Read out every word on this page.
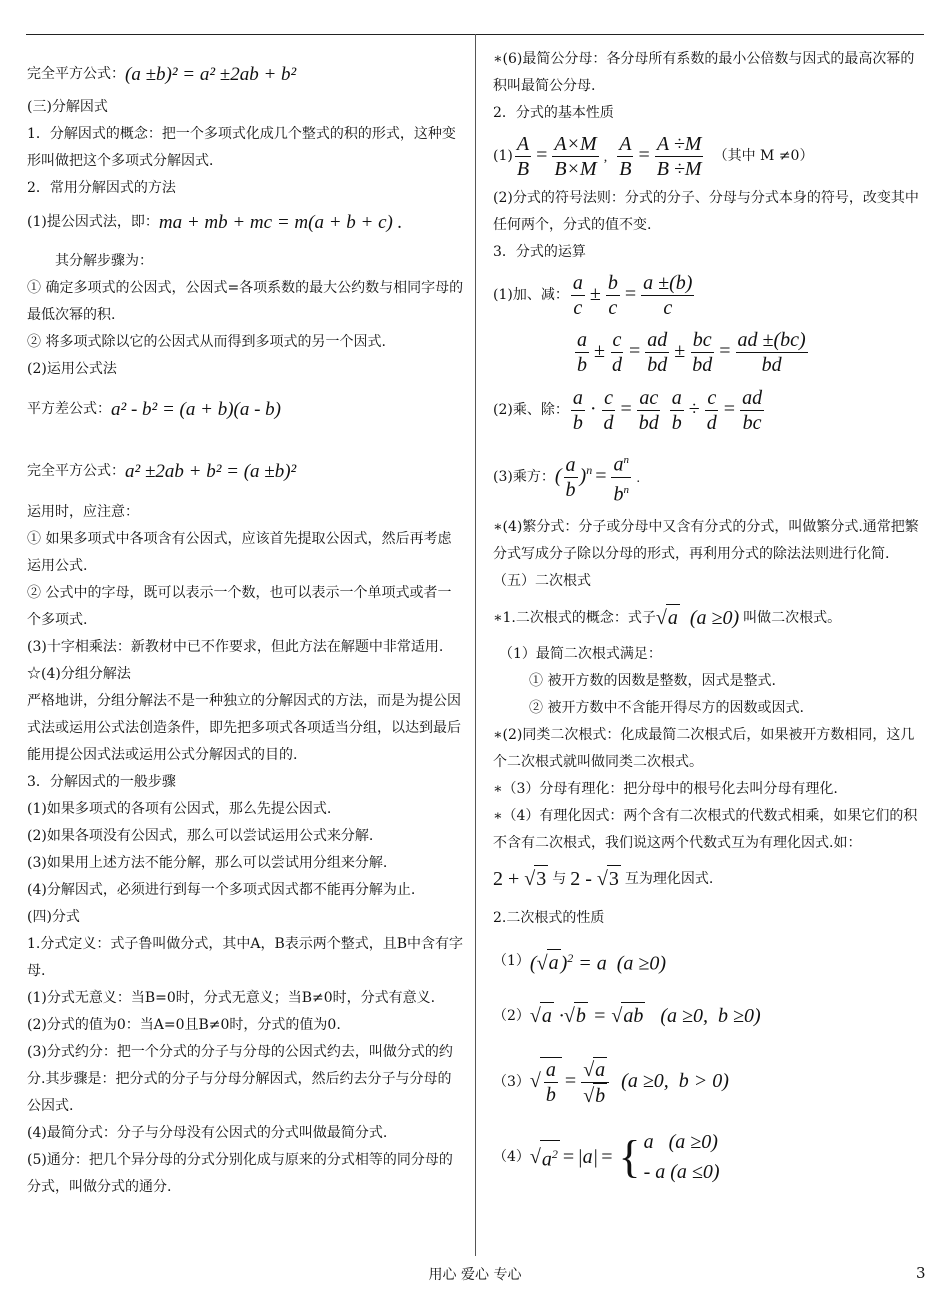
完全平方公式： (a ±b)² = a² ±2ab + b²

(三)分解因式

1．分解因式的概念：把一个多项式化成几个整式的积的形式，这种变形叫做把这个多项式分解因式．

2．常用分解因式的方法

(1)提公因式法，即： ma + mb + mc = m(a + b + c) .

其分解步骤为：

① 确定多项式的公因式，公因式=各项系数的最大公约数与相同字母的最低次幂的积.

② 将多项式除以它的公因式从而得到多项式的另一个因式.

(2)运用公式法

平方差公式： a² - b² = (a + b)(a - b)
完全平方公式： a² ±2ab + b² = (a ±b)²

运用时，应注意：

① 如果多项式中各项含有公因式，应该首先提取公因式，然后再考虑运用公式.

② 公式中的字母，既可以表示一个数，也可以表示一个单项式或者一个多项式.

(3)十字相乘法：新教材中已不作要求，但此方法在解题中非常适用.

☆(4)分组分解法

严格地讲，分组分解法不是一种独立的分解因式的方法，而是为提公因式法或运用公式法创造条件，即先把多项式各项适当分组，以达到最后能用提公因式法或运用公式分解因式的目的.

3．分解因式的一般步骤

(1)如果多项式的各项有公因式，那么先提公因式.

(2)如果各项没有公因式，那么可以尝试运用公式来分解.

(3)如果用上述方法不能分解，那么可以尝试用分组来分解.

(4)分解因式，必须进行到每一个多项式因式都不能再分解为止.

(四)分式

1.分式定义：式子鲁叫做分式，其中A，B表示两个整式，且B中含有字母.

(1)分式无意义：当B=0时，分式无意义；当B≠0时，分式有意义.

(2)分式的值为0：当A=0且B≠0时，分式的值为0.

(3)分式约分：把一个分式的分子与分母的公因式约去，叫做分式的约分.其步骤是：把分式的分子与分母分解因式，然后约去分子与分母的公因式.

(4)最简分式：分子与分母没有公因式的分式叫做最简分式.

(5)通分：把几个异分母的分式分别化成与原来的分式相等的同分母的分式，叫做分式的通分.

∗(6)最简公分母：各分母所有系数的最小公倍数与因式的最高次幂的积叫最简公分母.

2．分式的基本性质

$(1) \frac{A}{B} = \frac{A\times M}{B\times M}$ , $\frac{A}{B} = \frac{A \div M}{B \div M}$ （其中 M ≠0）

(2)分式的符号法则：分式的分子、分母与分式本身的符号，改变其中任何两个，分式的值不变.

3．分式的运算

(1)加、减： $\frac{a}{c} \pm \frac{b}{c} = \frac{a \pm(b)}{c}$
$\frac{a}{b} \pm \frac{c}{d} = \frac{ad}{bd} \pm \frac{bc}{bd} = \frac{ad \pm(bc)}{bd}$
(2)乘、除： $\frac{a}{b} \cdot \frac{c}{d} = \frac{ac}{bd}$
$\frac{a}{b} \div \frac{c}{d} = \frac{ad}{bc}$
(3)乘方： ( $\frac{a}{b} )^n = \frac{a^n}{b^n}$ .

∗(4)繁分式：分子或分母中又含有分式的分式，叫做繁分式.通常把繁分式写成分子除以分母的形式，再利用分式的除法法则进行化简.

（五）二次根式

∗1.二次根式的概念：式子 √a  (a ≥0) 叫做二次根式。

（1）最简二次根式满足：

① 被开方数的因数是整数，因式是整式.

② 被开方数中不含能开得尽方的因数或因式.

∗(2)同类二次根式：化成最简二次根式后，如果被开方数相同，这几个二次根式就叫做同类二次根式。

∗（3）分母有理化：把分母中的根号化去叫分母有理化.

∗（4）有理化因式：两个含有二次根式的代数式相乘，如果它们的积不含有二次根式，我们说这两个代数式互为有理化因式.如：

2 + √3 与 2 - √3 互为理化因式.

2.二次根式的性质

（1） (√a )$^2$ = a  (a ≥0)
（2） √a ·√b = √ab   (a ≥0,  b ≥0)
（3） √ $\frac{a}{b} = \frac{√a}{√b} (a \ge 0$,  b > 0)
（4） √ $a^2 = |a|$ = { a   (a ≥0)
- a (a ≤0)
用心 爱心 专心	3
